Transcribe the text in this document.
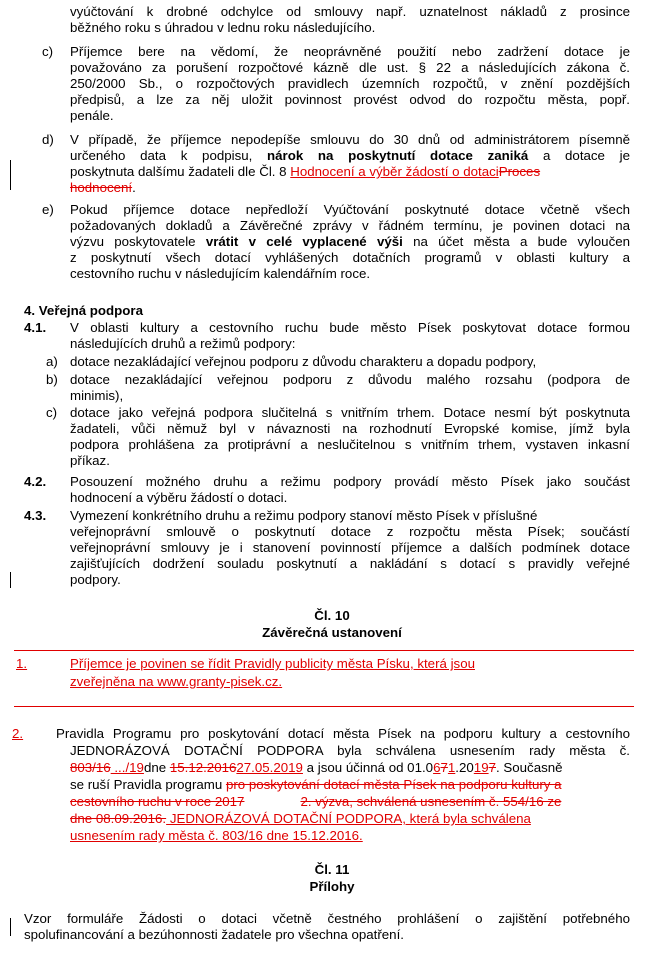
vyúčtování k drobné odchylce od smlouvy např. uznatelnost nákladů z prosince
běžného roku s úhradou v lednu roku následujícího.
c) Příjemce bere na vědomí, že neoprávněné použití nebo zadržení dotace je
považováno za porušení rozpočtové kázně dle ust. § 22 a následujících zákona č.
250/2000 Sb., o rozpočtových pravidlech územních rozpočtů, v znění pozdějších
předpisů, a lze za něj uložit povinnost provést odvod do rozpočtu města, popř.
penále.
d) V případě, že příjemce nepodepíše smlouvu do 30 dnů od administrátorem písemně
určeného data k podpisu, nárok na poskytnutí dotace zaniká a dotace je
poskytnuta dalšímu žadateli dle Čl. 8 Hodnocení a výběr žádostí o dotaciProces
hodnocení.
e) Pokud příjemce dotace nepředloží Vyúčtování poskytnuté dotace včetně všech
požadovaných dokladů a Závěrečné zprávy v řádném termínu, je povinen dotaci na
výzvu poskytovatele vrátit v celé vyplacené výši na účet města a bude vyloučen
z poskytnutí všech dotací vyhlášených dotačních programů v oblasti kultury a
cestovního ruchu v následujícím kalendářním roce.
4. Veřejná podpora
4.1. V oblasti kultury a cestovního ruchu bude město Písek poskytovat dotace formou
následujících druhů a režimů podpory:
a) dotace nezakládající veřejnou podporu z důvodu charakteru a dopadu podpory,
b) dotace nezakládající veřejnou podporu z důvodu malého rozsahu (podpora de
minimis),
c) dotace jako veřejná podpora slučitelná s vnitřním trhem. Dotace nesmí být poskytnuta
žadateli, vůči němuž byl v návaznosti na rozhodnutí Evropské komise, jímž byla
podpora prohlášena za protiprávní a neslučitelnou s vnitřním trhem, vystaven inkasní
příkaz.
4.2. Posouzení možného druhu a režimu podpory provádí město Písek jako součást
hodnocení a výběru žádostí o dotaci.
4.3. Vymezení konkrétního druhu a režimu podpory stanoví město Písek v příslušné
veřejnoprávní smlouvě o poskytnutí dotace z rozpočtu města Písek; součástí
veřejnoprávní smlouvy je i stanovení povinností příjemce a dalších podmínek dotace
zajišťujících dodržení souladu poskytnutí a nakládání s dotací s pravidly veřejné
podpory.
Čl. 10
Závěrečná ustanovení
1.	Příjemce je povinen se řídit Pravidly publicity města Písku, která jsou
zveřejněna na www.granty-pisek.cz.
2.	Pravidla Programu pro poskytování dotací města Písek na podporu kultury a cestovního
JEDNORÁZOVÁ DOTAČNÍ PODPORA byla schválena usnesením rady města č.
803/16 .../19dne 15.12.201627.05.2019 a jsou účinná od 01.0671.20197. Současně
se ruší Pravidla programu pro poskytování dotací města Písek na podporu kultury a
cestovního ruchu v roce 2017	2. výzva, schválená usnesením č. 554/16 ze
dne 08.09.2016. JEDNORÁZOVÁ DOTAČNÍ PODPORA, která byla schválena
usnesením rady města č. 803/16 dne 15.12.2016.
Čl. 11
Přílohy
Vzor formuláře Žádosti o dotaci včetně čestného prohlášení o zajištění potřebného
spolufinancování a bezúhonnosti žadatele pro všechna opatření.
